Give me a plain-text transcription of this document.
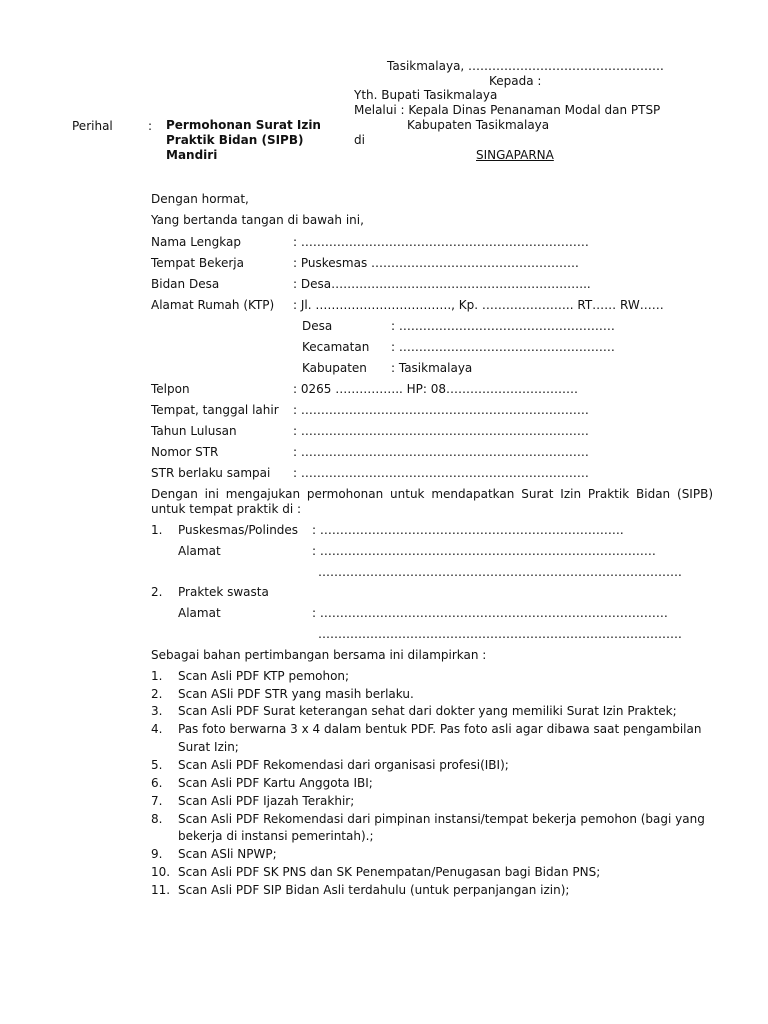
Tasikmalaya, ………………………………………….
Kepada :
Yth. Bupati Tasikmalaya
Melalui : Kepala Dinas Penanaman Modal dan PTSP
Kabupaten Tasikmalaya
di
SINGAPARNA
Perihal	: Permohonan Surat Izin
Praktik Bidan (SIPB)
Mandiri
Dengan hormat,
Yang bertanda tangan di bawah ini,
Nama Lengkap	: ………………………………………………………………
Tempat Bekerja	: Puskesmas …………………………………………….
Bidan Desa	: Desa………………………………………………………..
Alamat Rumah (KTP) : Jl. ……………………………., Kp. ………………….. RT…… RW……
Desa	: ………………………………………………
Kecamatan : ………………………………………………
Kabupaten : Tasikmalaya
Telpon	: 0265 …………….. HP: 08……………………………
Tempat, tanggal lahir : ………………………………………………………………
Tahun Lulusan	: ………………………………………………………………
Nomor STR	: ………………………………………………………………
STR berlaku sampai : ………………………………………………………………
Dengan ini mengajukan permohonan untuk mendapatkan Surat Izin Praktik Bidan (SIPB) untuk tempat praktik di :
1. Puskesmas/Polindes : ………………………………………………………………….
Alamat	: …………………………………………………………………………
……………………………………………………………………………….
2. Praktek swasta
Alamat	: ……………………………………………………………………………
……………………………………………………………………………….
Sebagai bahan pertimbangan bersama ini dilampirkan :
1. Scan Asli PDF KTP pemohon;
2. Scan ASli PDF STR yang masih berlaku.
3. Scan Asli PDF Surat keterangan sehat dari dokter yang memiliki Surat Izin Praktek;
4. Pas foto berwarna 3 x 4 dalam bentuk PDF. Pas foto asli agar dibawa saat pengambilan
Surat Izin;
5. Scan Asli PDF Rekomendasi dari organisasi profesi(IBI);
6. Scan Asli PDF Kartu Anggota IBI;
7. Scan Asli PDF Ijazah Terakhir;
8. Scan Asli PDF Rekomendasi dari pimpinan instansi/tempat bekerja pemohon (bagi yang
bekerja di instansi pemerintah).;
9. Scan ASli NPWP;
10. Scan Asli PDF SK PNS dan SK Penempatan/Penugasan bagi Bidan PNS;
11. Scan Asli PDF SIP Bidan Asli terdahulu (untuk perpanjangan izin);
